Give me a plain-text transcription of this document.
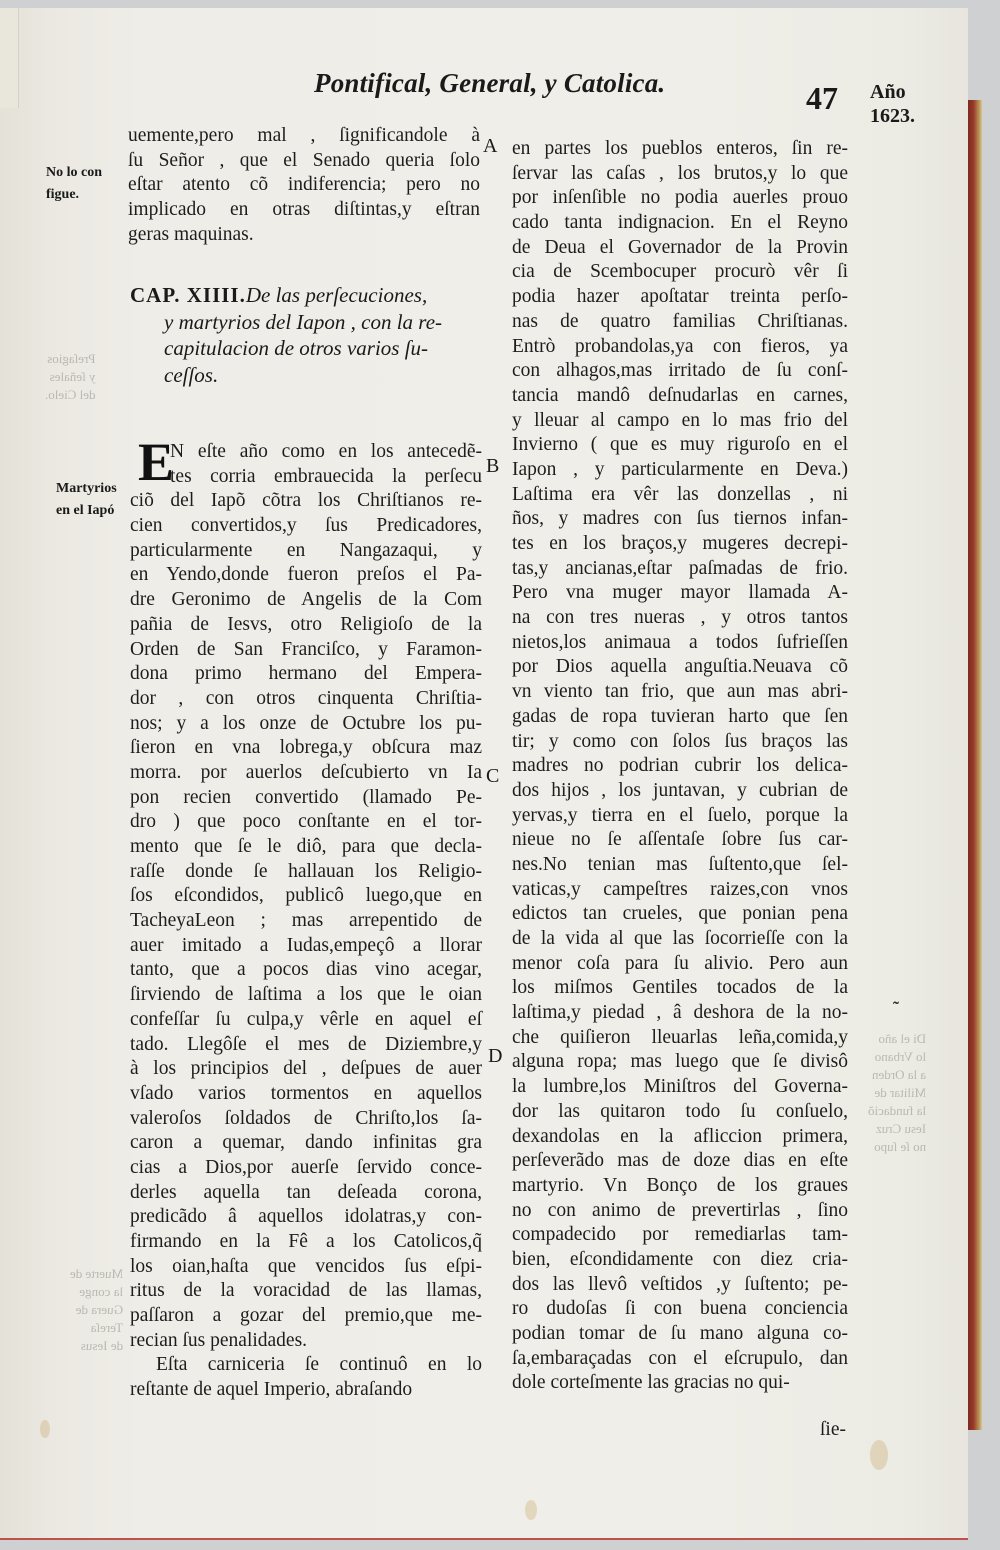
Preſagios
y ſeñales
del Cielo.
Muerte de
la conge
Guera de
Tereſa
de Iesus
Di el año
lo Vrbano
a la Orden
Militar de
la fundaciõ
Iesu Cruz
no ſe ſupo
Pontifical, General, y Catolica.	47 Año
1623.
No lo con
figue.
Martyrios
en el Iapó
A
B
C
D
uemente,pero mal , ſignificandole à
ſu Señor , que el Senado queria ſolo
eſtar atento cõ indiferencia; pero no
implicado en otras diſtintas,y eſtran
geras maquinas.
CAP. XIIII.De las perſecuciones,
y martyrios del Iapon , con la re-
capitulacion de otros varios ſu-
ceſſos.
E
N eſte año como en los antecedẽ-
tes corria embrauecida la perſecu
ciõ del Iapõ cõtra los Chriſtianos re-
cien convertidos,y ſus Predicadores,
particularmente en Nangazaqui, y
en Yendo,donde fueron preſos el Pa-
dre Geronimo de Angelis de la Com
pañia de Iesvs, otro Religioſo de la
Orden de San Franciſco, y Faramon-
dona primo hermano del Empera-
dor , con otros cinquenta Chriſtia-
nos; y a los onze de Octubre los pu-
ſieron en vna lobrega,y obſcura maz
morra. por auerlos deſcubierto vn Ia
pon recien convertido (llamado Pe-
dro ) que poco conſtante en el tor-
mento que ſe le diô, para que decla-
raſſe donde ſe hallauan los Religio-
ſos eſcondidos, publicô luego,que en
TacheyaLeon ; mas arrepentido de
auer imitado a Iudas,empeçô a llorar
tanto, que a pocos dias vino acegar,
ſirviendo de laſtima a los que le oian
confeſſar ſu culpa,y vêrle en aquel eſ
tado. Llegôſe el mes de Diziembre,y
à los principios del , deſpues de auer
vſado varios tormentos en aquellos
valeroſos ſoldados de Chriſto,los ſa-
caron a quemar, dando infinitas gra
cias a Dios,por auerſe ſervido conce-
derles aquella tan deſeada corona,
predicãdo â aquellos idolatras,y con-
firmando en la Fê a los Catolicos,q̃
los oian,haſta que vencidos ſus eſpi-
ritus de la voracidad de las llamas,
paſſaron a gozar del premio,que me-
recian ſus penalidades.
Eſta carniceria ſe continuô en lo
reſtante de aquel Imperio, abraſando
en partes los pueblos enteros, ſin re-
ſervar las caſas , los brutos,y lo que
por inſenſible no podia auerles prouo
cado tanta indignacion. En el Reyno
de Deua el Governador de la Provin
cia de Scembocuper procurò vêr ſi
podia hazer apoſtatar treinta perſo-
nas de quatro familias Chriſtianas.
Entrò probandolas,ya con fieros, ya
con alhagos,mas irritado de ſu conſ-
tancia mandô deſnudarlas en carnes,
y lleuar al campo en lo mas frio del
Invierno ( que es muy riguroſo en el
Iapon , y particularmente en Deva.)
Laſtima era vêr las donzellas , ni
ños, y madres con ſus tiernos infan-
tes en los braços,y mugeres decrepi-
tas,y ancianas,eſtar paſmadas de frio.
Pero vna muger mayor llamada A-
na con tres nueras , y otros tantos
nietos,los animaua a todos ſufrieſſen
por Dios aquella anguſtia.Neuava cõ
vn viento tan frio, que aun mas abri-
gadas de ropa tuvieran harto que ſen
tir; y como con ſolos ſus braços las
madres no podrian cubrir los delica-
dos hijos , los juntavan, y cubrian de
yervas,y tierra en el ſuelo, porque la
nieue no ſe aſſentaſe ſobre ſus car-
nes.No tenian mas ſuſtento,que ſel-
vaticas,y campeſtres raizes,con vnos
edictos tan crueles, que ponian pena
de la vida al que las ſocorrieſſe con la
menor coſa para ſu alivio. Pero aun
los miſmos Gentiles tocados de la
laſtima,y piedad , â deshora de la no-
che quiſieron lleuarlas leña,comida,y
alguna ropa; mas luego que ſe divisô
la lumbre,los Miniſtros del Governa-
dor las quitaron todo ſu conſuelo,
dexandolas en la afliccion primera,
perſeverãdo mas de doze dias en eſte
martyrio. Vn Bonço de los graues
no con animo de prevertirlas , ſino
compadecido por remediarlas tam-
bien, eſcondidamente con diez cria-
dos las llevô veſtidos ,y ſuſtento; pe-
ro dudoſas ſi con buena conciencia
podian tomar de ſu mano alguna co-
ſa,embaraçadas con el eſcrupulo, dan
dole corteſmente las gracias no qui-
ſie-
˜
